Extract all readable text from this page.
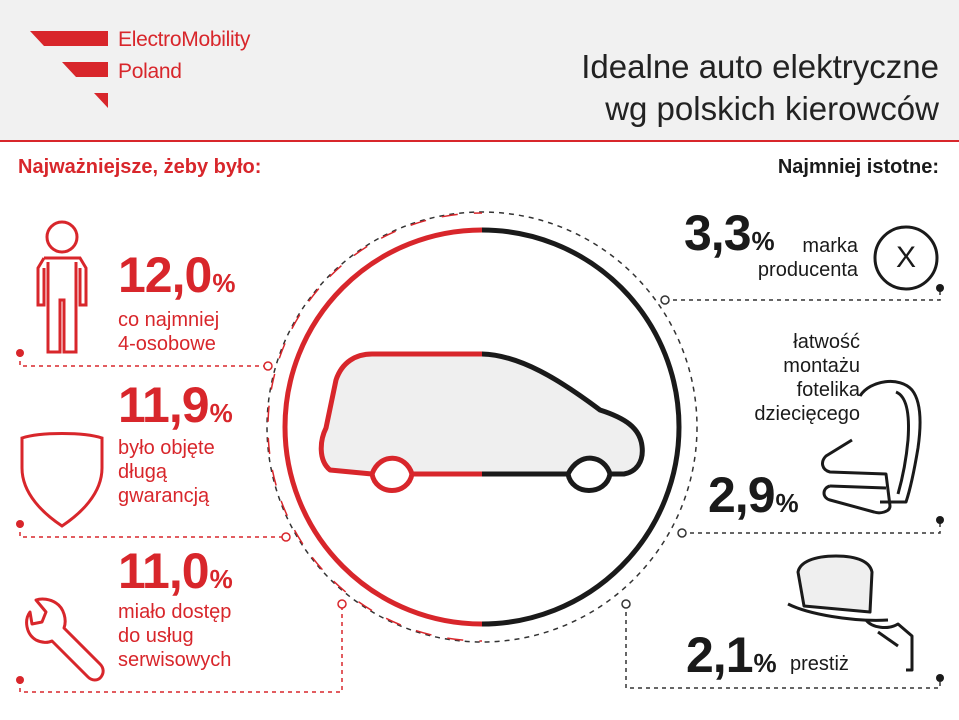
ElectroMobility
Poland	Idealne auto elektryczne
wg polskich kierowców
Najważniejsze, żeby było:	Najmniej istotne:
12,0%
co najmniej
4-osobowe
11,9%
było objęte
długą
gwarancją
11,0%
miało dostęp
do usług
serwisowych
3,3%	marka
producenta	X
łatwość
montażu
fotelika
dziecięcego
2,9%
2,1% prestiż
